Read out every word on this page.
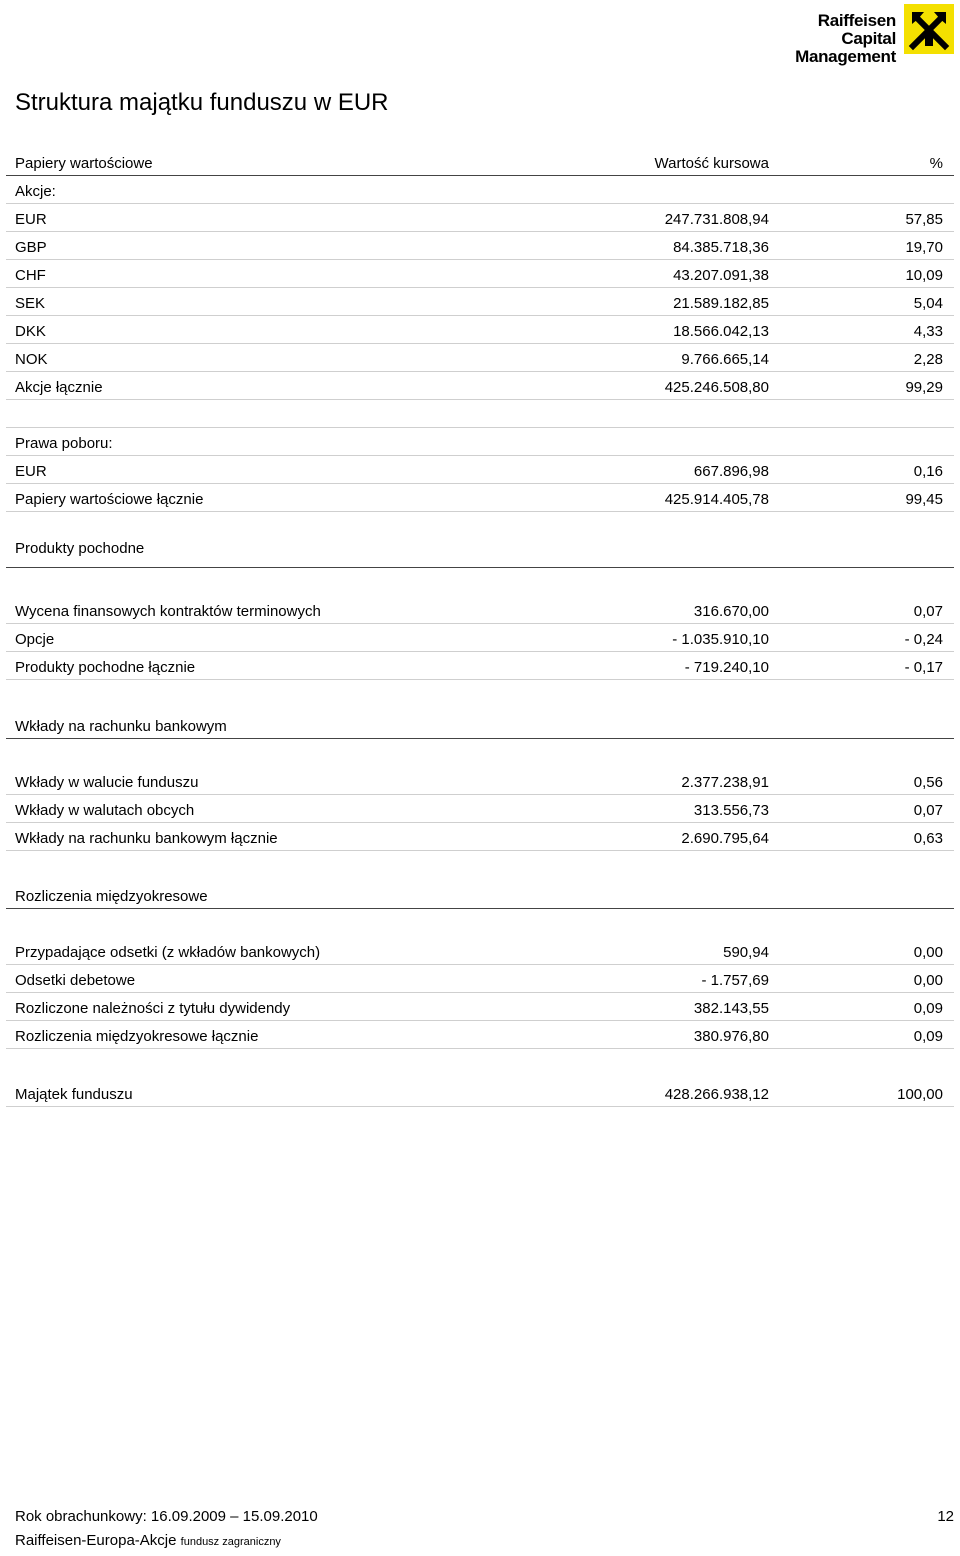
Raiffeisen
Capital Management
Struktura majątku funduszu w EUR
Papiery wartościowe	Wartość kursowa	%
Akcje:
EUR	247.731.808,94	57,85
GBP	84.385.718,36	19,70
CHF	43.207.091,38	10,09
SEK	21.589.182,85	5,04
DKK	18.566.042,13	4,33
NOK	9.766.665,14	2,28
Akcje łącznie	425.246.508,80	99,29
Prawa poboru:
EUR	667.896,98	0,16
Papiery wartościowe łącznie	425.914.405,78	99,45
Produkty pochodne
Wycena finansowych kontraktów terminowych	316.670,00	0,07
Opcje	- 1.035.910,10	- 0,24
Produkty pochodne łącznie	- 719.240,10	- 0,17
Wkłady na rachunku bankowym
Wkłady w walucie funduszu	2.377.238,91	0,56
Wkłady w walutach obcych	313.556,73	0,07
Wkłady na rachunku bankowym łącznie	2.690.795,64	0,63
Rozliczenia międzyokresowe
Przypadające odsetki (z wkładów bankowych)	590,94	0,00
Odsetki debetowe	- 1.757,69	0,00
Rozliczone należności z tytułu dywidendy	382.143,55	0,09
Rozliczenia międzyokresowe łącznie	380.976,80	0,09
Majątek funduszu	428.266.938,12	100,00
Rok obrachunkowy: 16.09.2009 – 15.09.2010	12
Raiffeisen-Europa-Akcje fundusz zagraniczny
